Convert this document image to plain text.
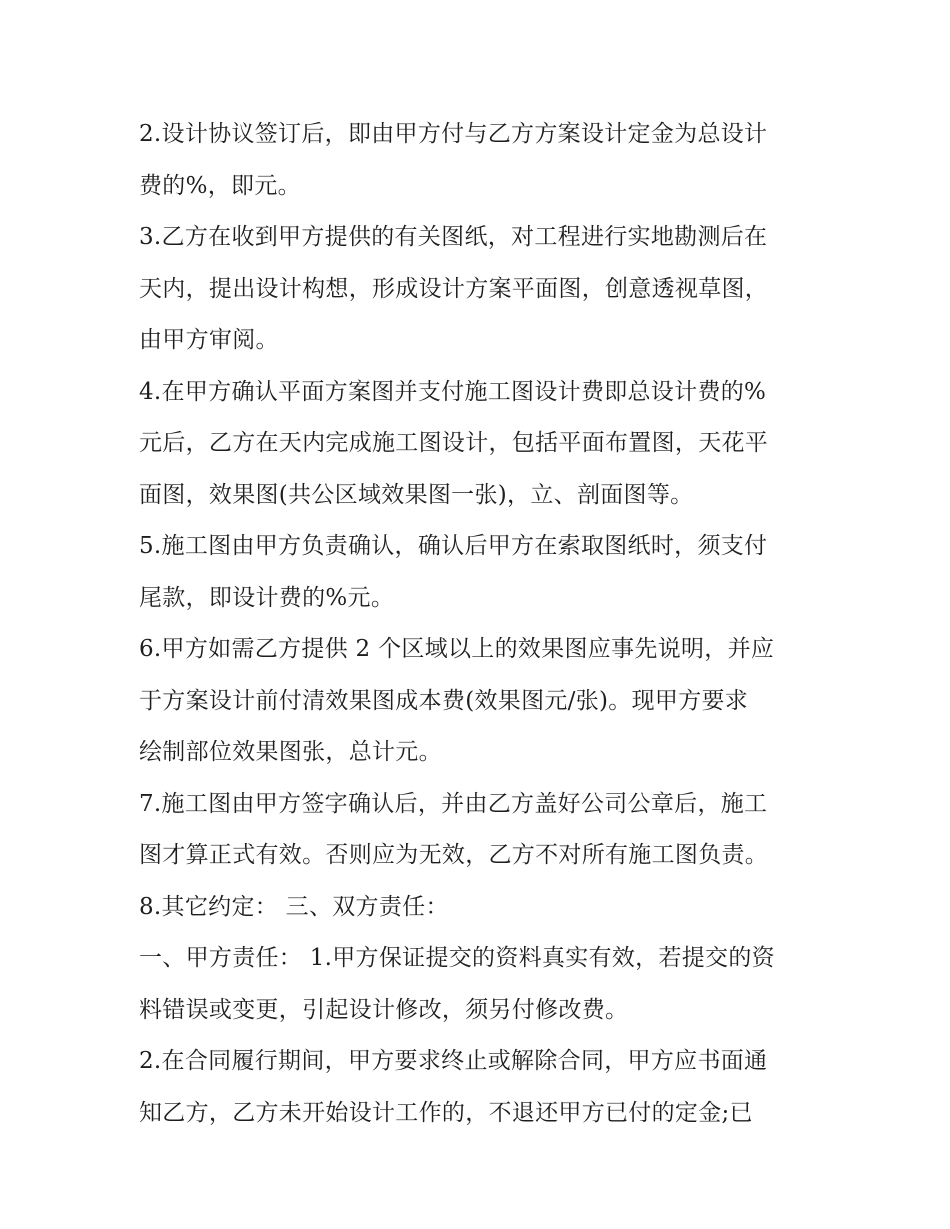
2.设计协议签订后，即由甲方付与乙方方案设计定金为总设计
费的%，即元。
3.乙方在收到甲方提供的有关图纸，对工程进行实地勘测后在
天内，提出设计构想，形成设计方案平面图，创意透视草图，
由甲方审阅。
4.在甲方确认平面方案图并支付施工图设计费即总设计费的%
元后，乙方在天内完成施工图设计，包括平面布置图，天花平
面图，效果图(共公区域效果图一张)，立、剖面图等。
5.施工图由甲方负责确认，确认后甲方在索取图纸时，须支付
尾款，即设计费的%元。
6.甲方如需乙方提供 2 个区域以上的效果图应事先说明，并应
于方案设计前付清效果图成本费(效果图元/张)。现甲方要求
绘制部位效果图张，总计元。
7.施工图由甲方签字确认后，并由乙方盖好公司公章后，施工
图才算正式有效。否则应为无效，乙方不对所有施工图负责。
8.其它约定： 三、双方责任：
一、甲方责任： 1.甲方保证提交的资料真实有效，若提交的资
料错误或变更，引起设计修改，须另付修改费。
2.在合同履行期间，甲方要求终止或解除合同，甲方应书面通
知乙方，乙方未开始设计工作的，不退还甲方已付的定金;已
